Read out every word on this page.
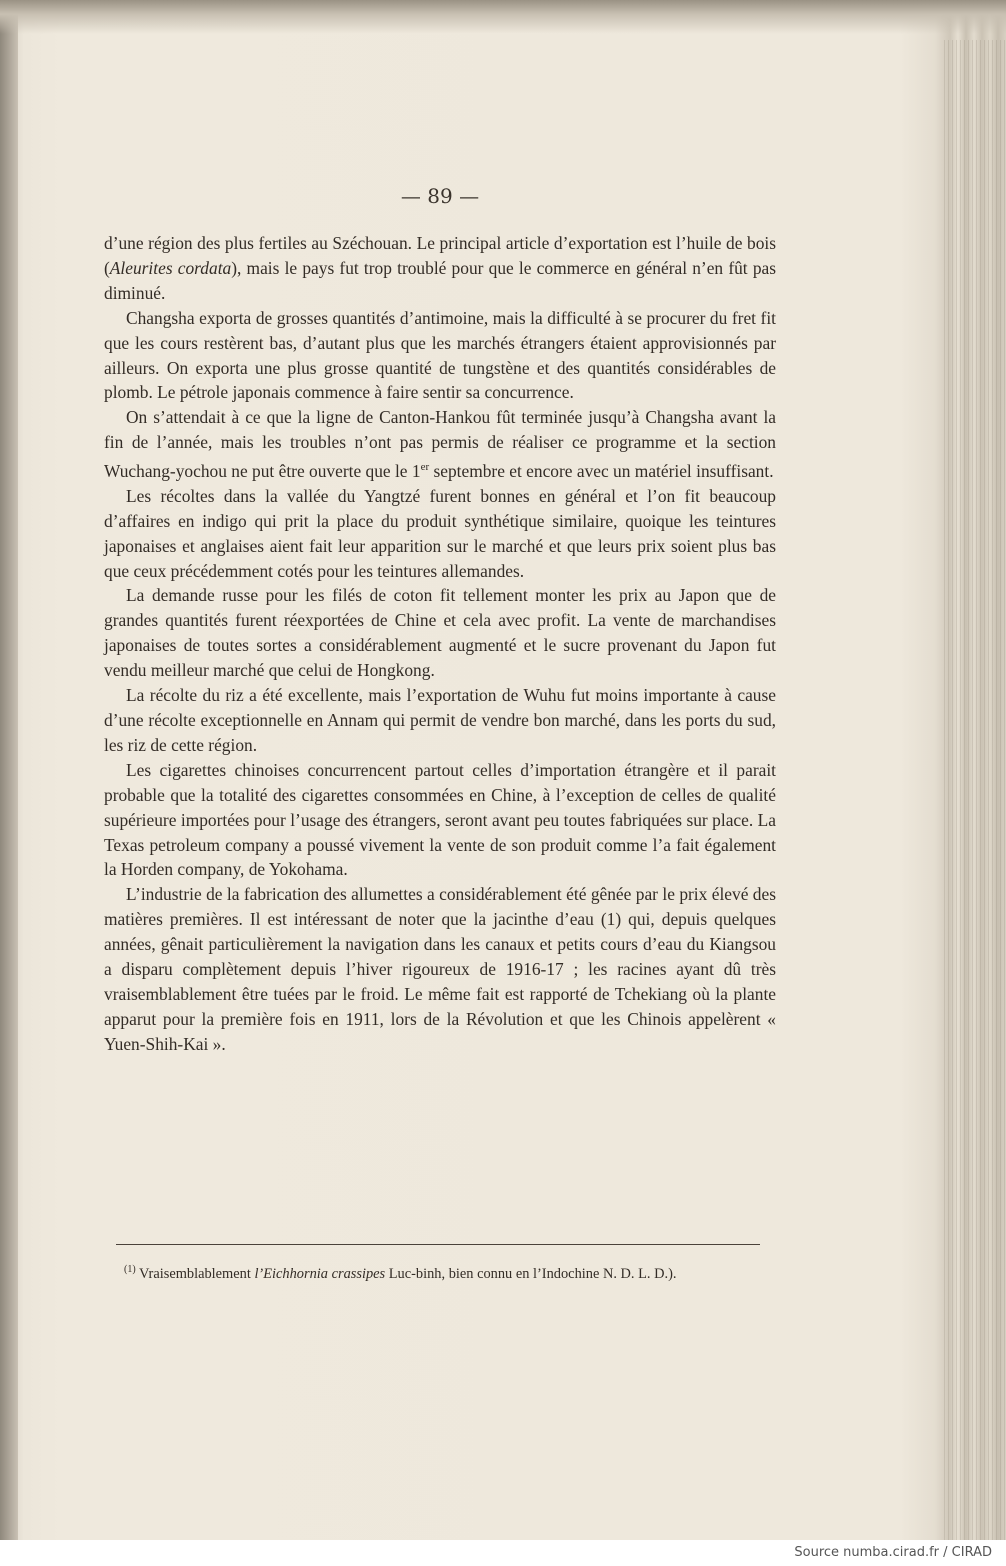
— 89 —

d’une région des plus fertiles au Széchouan. Le principal article d’exportation est l’huile de bois (Aleurites cordata), mais le pays fut trop troublé pour que le commerce en général n’en fût pas diminué.

Changsha exporta de grosses quantités d’antimoine, mais la difficulté à se procurer du fret fit que les cours restèrent bas, d’autant plus que les marchés étrangers étaient approvisionnés par ailleurs. On exporta une plus grosse quantité de tungstène et des quantités considérables de plomb. Le pétrole japonais commence à faire sentir sa concurrence.

On s’attendait à ce que la ligne de Canton-Hankou fût terminée jusqu’à Changsha avant la fin de l’année, mais les troubles n’ont pas permis de réaliser ce programme et la section Wuchang-yochou ne put être ouverte que le 1er septembre et encore avec un matériel insuffisant.

Les récoltes dans la vallée du Yangtzé furent bonnes en général et l’on fit beaucoup d’affaires en indigo qui prit la place du produit synthétique similaire, quoique les teintures japonaises et anglaises aient fait leur apparition sur le marché et que leurs prix soient plus bas que ceux précédemment cotés pour les teintures allemandes.

La demande russe pour les filés de coton fit tellement monter les prix au Japon que de grandes quantités furent réexportées de Chine et cela avec profit. La vente de marchandises japonaises de toutes sortes a considérablement augmenté et le sucre provenant du Japon fut vendu meilleur marché que celui de Hongkong.

La récolte du riz a été excellente, mais l’exportation de Wuhu fut moins importante à cause d’une récolte exceptionnelle en Annam qui permit de vendre bon marché, dans les ports du sud, les riz de cette région.

Les cigarettes chinoises concurrencent partout celles d’importation étrangère et il parait probable que la totalité des cigarettes consommées en Chine, à l’exception de celles de qualité supérieure importées pour l’usage des étrangers, seront avant peu toutes fabriquées sur place. La Texas petroleum company a poussé vivement la vente de son produit comme l’a fait également la Horden company, de Yokohama.

L’industrie de la fabrication des allumettes a considérablement été gênée par le prix élevé des matières premières. Il est intéressant de noter que la jacinthe d’eau (1) qui, depuis quelques années, gênait particulièrement la navigation dans les canaux et petits cours d’eau du Kiangsou a disparu complètement depuis l’hiver rigoureux de 1916-17 ; les racines ayant dû très vraisemblablement être tuées par le froid. Le même fait est rapporté de Tchekiang où la plante apparut pour la première fois en 1911, lors de la Révolution et que les Chinois appelèrent « Yuen-Shih-Kai ».

$^{(1)}$ Vraisemblablement l’Eichhornia crassipes Luc-binh, bien connu en l’Indochine N. D. L. D.).
Source numba.cirad.fr / CIRAD
